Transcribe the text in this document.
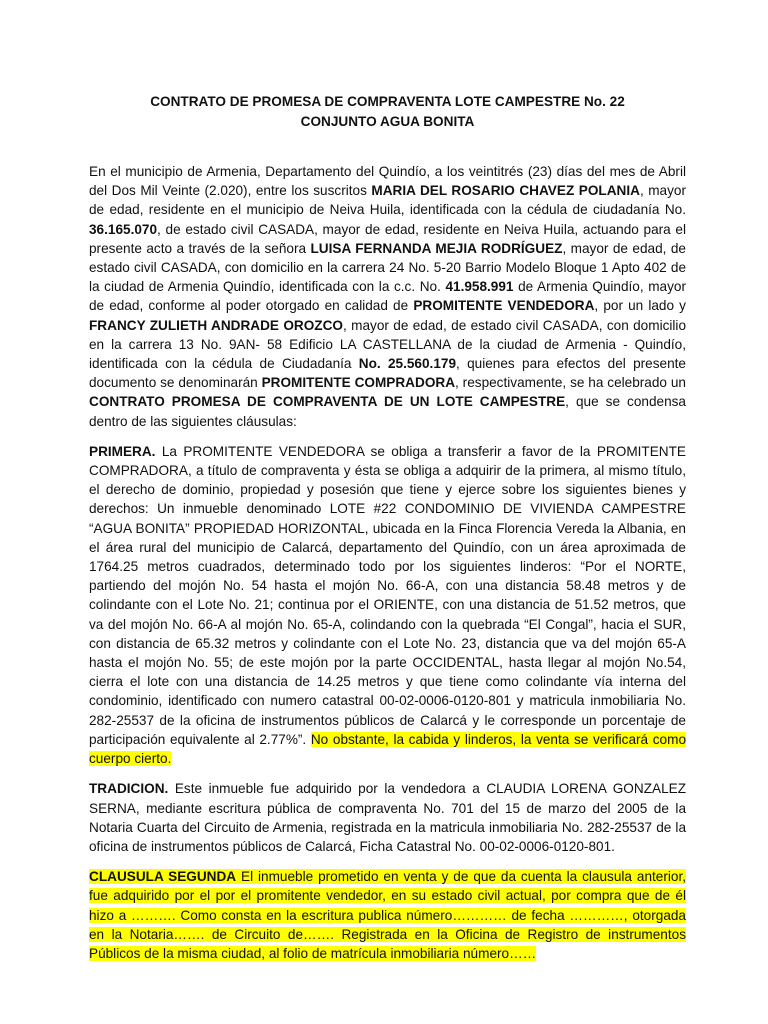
CONTRATO DE PROMESA DE COMPRAVENTA LOTE CAMPESTRE No. 22
CONJUNTO AGUA BONITA

En el municipio de Armenia, Departamento del Quindío, a los veintitrés (23) días del mes de Abril del Dos Mil Veinte (2.020), entre los suscritos MARIA DEL ROSARIO CHAVEZ POLANIA, mayor de edad, residente en el municipio de Neiva Huila, identificada con la cédula de ciudadanía No. 36.165.070, de estado civil CASADA, mayor de edad, residente en Neiva Huila, actuando para el presente acto a través de la señora LUISA FERNANDA MEJIA RODRÍGUEZ, mayor de edad, de estado civil CASADA, con domicilio en la carrera 24 No. 5-20 Barrio Modelo Bloque 1 Apto 402 de la ciudad de Armenia Quindío, identificada con la c.c. No. 41.958.991 de Armenia Quindío, mayor de edad, conforme al poder otorgado en calidad de PROMITENTE VENDEDORA, por un lado y FRANCY ZULIETH ANDRADE OROZCO, mayor de edad, de estado civil CASADA, con domicilio en la carrera 13 No. 9AN- 58 Edificio LA CASTELLANA de la ciudad de Armenia - Quindío, identificada con la cédula de Ciudadanía No. 25.560.179, quienes para efectos del presente documento se denominarán PROMITENTE COMPRADORA, respectivamente, se ha celebrado un CONTRATO PROMESA DE COMPRAVENTA DE UN LOTE CAMPESTRE, que se condensa dentro de las siguientes cláusulas:

PRIMERA. La PROMITENTE VENDEDORA se obliga a transferir a favor de la PROMITENTE COMPRADORA, a título de compraventa y ésta se obliga a adquirir de la primera, al mismo título, el derecho de dominio, propiedad y posesión que tiene y ejerce sobre los siguientes bienes y derechos: Un inmueble denominado LOTE #22 CONDOMINIO DE VIVIENDA CAMPESTRE “AGUA BONITA” PROPIEDAD HORIZONTAL, ubicada en la Finca Florencia Vereda la Albania, en el área rural del municipio de Calarcá, departamento del Quindío, con un área aproximada de 1764.25 metros cuadrados, determinado todo por los siguientes linderos: “Por el NORTE, partiendo del mojón No. 54 hasta el mojón No. 66-A, con una distancia 58.48 metros y de colindante con el Lote No. 21; continua por el ORIENTE, con una distancia de 51.52 metros, que va del mojón No. 66-A al mojón No. 65-A, colindando con la quebrada “El Congal”, hacia el SUR, con distancia de 65.32 metros y colindante con el Lote No. 23, distancia que va del mojón 65-A hasta el mojón No. 55; de este mojón por la parte OCCIDENTAL, hasta llegar al mojón No.54, cierra el lote con una distancia de 14.25 metros y que tiene como colindante vía interna del condominio, identificado con numero catastral 00-02-0006-0120-801 y matricula inmobiliaria No. 282-25537 de la oficina de instrumentos públicos de Calarcá y le corresponde un porcentaje de participación equivalente al 2.77%”. No obstante, la cabida y linderos, la venta se verificará como cuerpo cierto.

TRADICION. Este inmueble fue adquirido por la vendedora a CLAUDIA LORENA GONZALEZ SERNA, mediante escritura pública de compraventa No. 701 del 15 de marzo del 2005 de la Notaria Cuarta del Circuito de Armenia, registrada en la matricula inmobiliaria No. 282-25537 de la oficina de instrumentos públicos de Calarcá, Ficha Catastral No. 00-02-0006-0120-801.

CLAUSULA SEGUNDA El inmueble prometido en venta y de que da cuenta la clausula anterior, fue adquirido por el por el promitente vendedor, en su estado civil actual, por compra que de él hizo a ………. Como consta en la escritura publica número………… de fecha …………, otorgada en la Notaria……. de Circuito de……. Registrada en la Oficina de Registro de instrumentos Públicos de la misma ciudad, al folio de matrícula inmobiliaria número……
